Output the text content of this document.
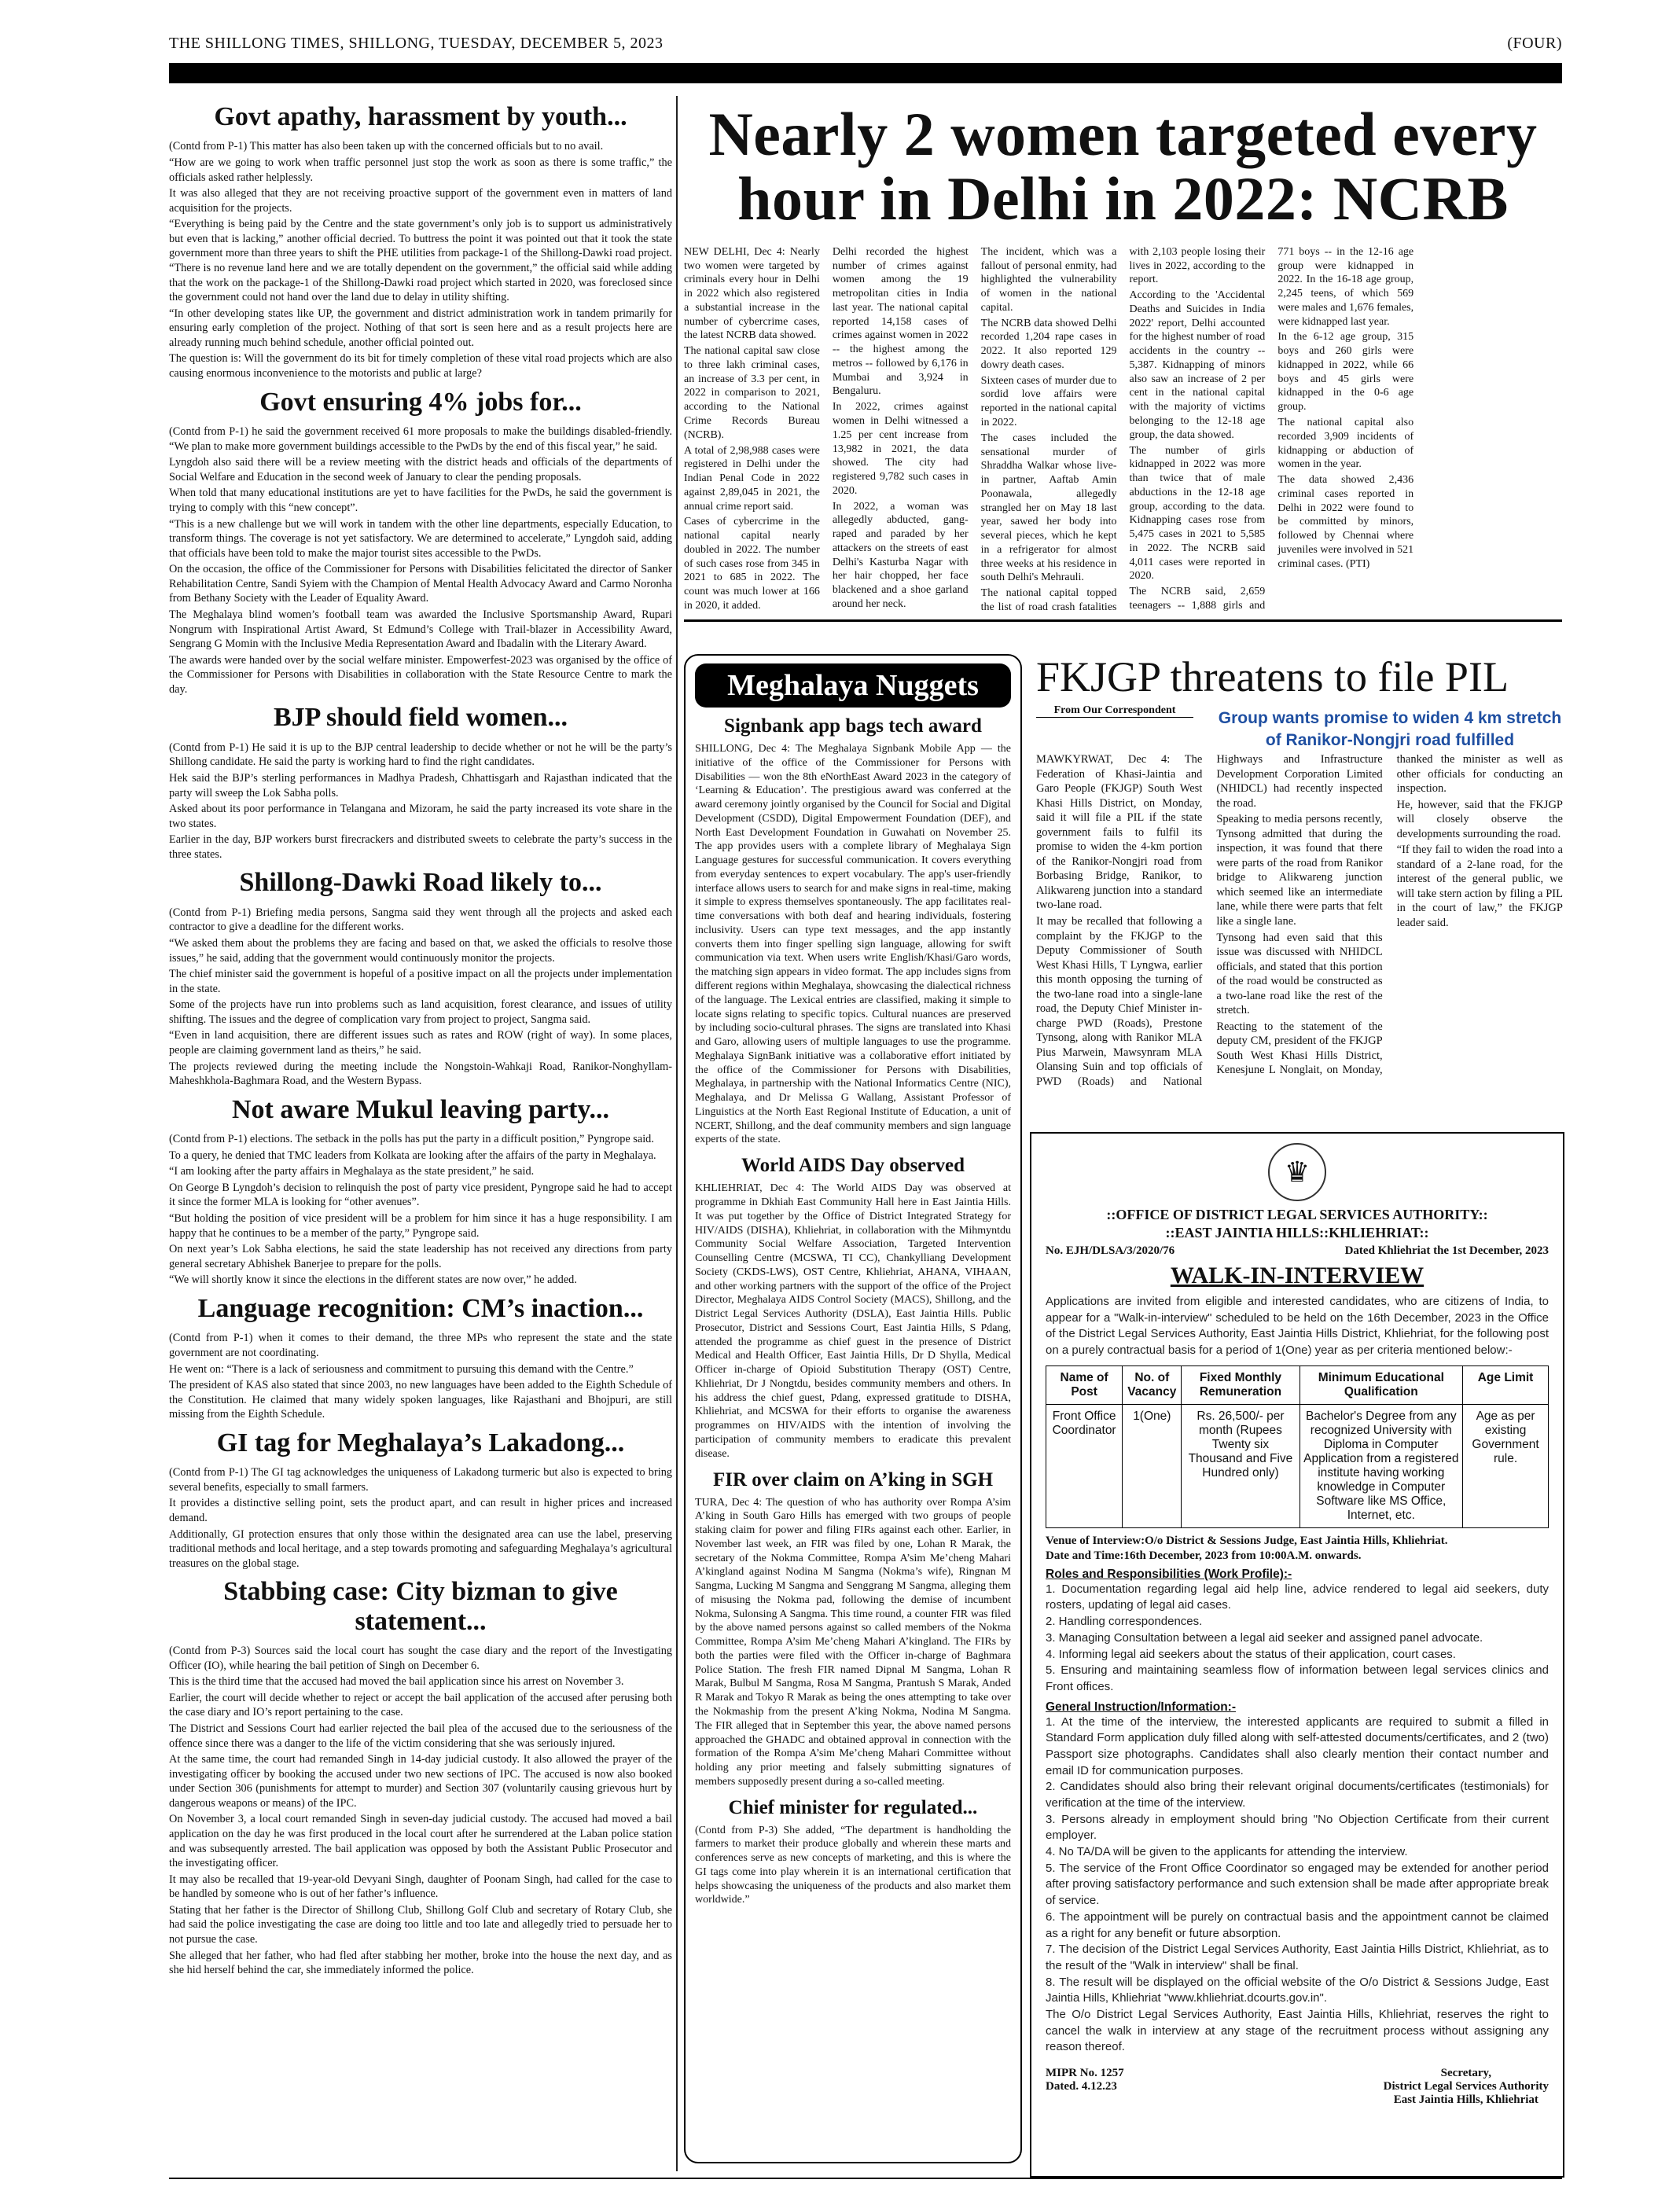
THE SHILLONG TIMES, SHILLONG, TUESDAY, DECEMBER 5, 2023	(FOUR)
Govt apathy, harassment by youth...

(Contd from P-1) This matter has also been taken up with the concerned officials but to no avail.

“How are we going to work when traffic personnel just stop the work as soon as there is some traffic,” the officials asked rather helplessly.

It was also alleged that they are not receiving proactive support of the government even in matters of land acquisition for the projects.

“Everything is being paid by the Centre and the state government’s only job is to support us administratively but even that is lacking,” another official decried. To buttress the point it was pointed out that it took the state government more than three years to shift the PHE utilities from package-1 of the Shillong-Dawki road project. “There is no revenue land here and we are totally dependent on the government,” the official said while adding that the work on the package-1 of the Shillong-Dawki road project which started in 2020, was foreclosed since the government could not hand over the land due to delay in utility shifting.

“In other developing states like UP, the government and district administration work in tandem primarily for ensuring early completion of the project. Nothing of that sort is seen here and as a result projects here are already running much behind schedule, another official pointed out.

The question is: Will the government do its bit for timely completion of these vital road projects which are also causing enormous inconvenience to the motorists and public at large?

Govt ensuring 4% jobs for...

(Contd from P-1) he said the government received 61 more proposals to make the buildings disabled-friendly. “We plan to make more government buildings accessible to the PwDs by the end of this fiscal year,” he said.

Lyngdoh also said there will be a review meeting with the district heads and officials of the departments of Social Welfare and Education in the second week of January to clear the pending proposals.

When told that many educational institutions are yet to have facilities for the PwDs, he said the government is trying to comply with this “new concept”.

“This is a new challenge but we will work in tandem with the other line departments, especially Education, to transform things. The coverage is not yet satisfactory. We are determined to accelerate,” Lyngdoh said, adding that officials have been told to make the major tourist sites accessible to the PwDs.

On the occasion, the office of the Commissioner for Persons with Disabilities felicitated the director of Sanker Rehabilitation Centre, Sandi Syiem with the Champion of Mental Health Advocacy Award and Carmo Noronha from Bethany Society with the Leader of Equality Award.

The Meghalaya blind women’s football team was awarded the Inclusive Sportsmanship Award, Rupari Nongrum with Inspirational Artist Award, St Edmund’s College with Trail-blazer in Accessibility Award, Sengrang G Momin with the Inclusive Media Representation Award and Ibadalin with the Literary Award.

The awards were handed over by the social welfare minister. Empowerfest-2023 was organised by the office of the Commissioner for Persons with Disabilities in collaboration with the State Resource Centre to mark the day.

BJP should field women...

(Contd from P-1) He said it is up to the BJP central leadership to decide whether or not he will be the party’s Shillong candidate. He said the party is working hard to find the right candidates.

Hek said the BJP’s sterling performances in Madhya Pradesh, Chhattisgarh and Rajasthan indicated that the party will sweep the Lok Sabha polls.

Asked about its poor performance in Telangana and Mizoram, he said the party increased its vote share in the two states.

Earlier in the day, BJP workers burst firecrackers and distributed sweets to celebrate the party’s success in the three states.

Shillong-Dawki Road likely to...

(Contd from P-1) Briefing media persons, Sangma said they went through all the projects and asked each contractor to give a deadline for the different works.

“We asked them about the problems they are facing and based on that, we asked the officials to resolve those issues,” he said, adding that the government would continuously monitor the projects.

The chief minister said the government is hopeful of a positive impact on all the projects under implementation in the state.

Some of the projects have run into problems such as land acquisition, forest clearance, and issues of utility shifting. The issues and the degree of complication vary from project to project, Sangma said.

“Even in land acquisition, there are different issues such as rates and ROW (right of way). In some places, people are claiming government land as theirs,” he said.

The projects reviewed during the meeting include the Nongstoin-Wahkaji Road, Ranikor-Nonghyllam-Maheshkhola-Baghmara Road, and the Western Bypass.

Not aware Mukul leaving party...

(Contd from P-1) elections. The setback in the polls has put the party in a difficult position,” Pyngrope said.

To a query, he denied that TMC leaders from Kolkata are looking after the affairs of the party in Meghalaya.

“I am looking after the party affairs in Meghalaya as the state president,” he said.

On George B Lyngdoh’s decision to relinquish the post of party vice president, Pyngrope said he had to accept it since the former MLA is looking for “other avenues”.

“But holding the position of vice president will be a problem for him since it has a huge responsibility. I am happy that he continues to be a member of the party,” Pyngrope said.

On next year’s Lok Sabha elections, he said the state leadership has not received any directions from party general secretary Abhishek Banerjee to prepare for the polls.

“We will shortly know it since the elections in the different states are now over,” he added.

Language recognition: CM’s inaction...

(Contd from P-1) when it comes to their demand, the three MPs who represent the state and the state government are not coordinating.

He went on: “There is a lack of seriousness and commitment to pursuing this demand with the Centre.”

The president of KAS also stated that since 2003, no new languages have been added to the Eighth Schedule of the Constitution. He claimed that many widely spoken languages, like Rajasthani and Bhojpuri, are still missing from the Eighth Schedule.

GI tag for Meghalaya’s Lakadong...

(Contd from P-1) The GI tag acknowledges the uniqueness of Lakadong turmeric but also is expected to bring several benefits, especially to small farmers.

It provides a distinctive selling point, sets the product apart, and can result in higher prices and increased demand.

Additionally, GI protection ensures that only those within the designated area can use the label, preserving traditional methods and local heritage, and a step towards promoting and safeguarding Meghalaya’s agricultural treasures on the global stage.

Stabbing case: City bizman to give statement...

(Contd from P-3) Sources said the local court has sought the case diary and the report of the Investigating Officer (IO), while hearing the bail petition of Singh on December 6.

This is the third time that the accused had moved the bail application since his arrest on November 3.

Earlier, the court will decide whether to reject or accept the bail application of the accused after perusing both the case diary and IO’s report pertaining to the case.

The District and Sessions Court had earlier rejected the bail plea of the accused due to the seriousness of the offence since there was a danger to the life of the victim considering that she was seriously injured.

At the same time, the court had remanded Singh in 14-day judicial custody. It also allowed the prayer of the investigating officer by booking the accused under two new sections of IPC. The accused is now also booked under Section 306 (punishments for attempt to murder) and Section 307 (voluntarily causing grievous hurt by dangerous weapons or means) of the IPC.

On November 3, a local court remanded Singh in seven-day judicial custody. The accused had moved a bail application on the day he was first produced in the local court after he surrendered at the Laban police station and was subsequently arrested. The bail application was opposed by both the Assistant Public Prosecutor and the investigating officer.

It may also be recalled that 19-year-old Devyani Singh, daughter of Poonam Singh, had called for the case to be handled by someone who is out of her father’s influence.

Stating that her father is the Director of Shillong Club, Shillong Golf Club and secretary of Rotary Club, she had said the police investigating the case are doing too little and too late and allegedly tried to persuade her to not pursue the case.

She alleged that her father, who had fled after stabbing her mother, broke into the house the next day, and as she hid herself behind the car, she immediately informed the police.

Nearly 2 women targeted every hour in Delhi in 2022: NCRB

NEW DELHI, Dec 4: Nearly two women were targeted by criminals every hour in Delhi in 2022 which also registered a substantial increase in the number of cybercrime cases, the latest NCRB data showed.

The national capital saw close to three lakh criminal cases, an increase of 3.3 per cent, in 2022 in comparison to 2021, according to the National Crime Records Bureau (NCRB).

A total of 2,98,988 cases were registered in Delhi under the Indian Penal Code in 2022 against 2,89,045 in 2021, the annual crime report said.

Cases of cybercrime in the national capital nearly doubled in 2022. The number of such cases rose from 345 in 2021 to 685 in 2022. The count was much lower at 166 in 2020, it added.

Delhi recorded the highest number of crimes against women among the 19 metropolitan cities in India last year. The national capital reported 14,158 cases of crimes against women in 2022 -- the highest among the metros -- followed by 6,176 in Mumbai and 3,924 in Bengaluru.

In 2022, crimes against women in Delhi witnessed a 1.25 per cent increase from 13,982 in 2021, the data showed. The city had registered 9,782 such cases in 2020.

In 2022, a woman was allegedly abducted, gang-raped and paraded by her attackers on the streets of east Delhi's Kasturba Nagar with her hair chopped, her face blackened and a shoe garland around her neck.

The incident, which was a fallout of personal enmity, had highlighted the vulnerability of women in the national capital.

The NCRB data showed Delhi recorded 1,204 rape cases in 2022. It also reported 129 dowry death cases.

Sixteen cases of murder due to sordid love affairs were reported in the national capital in 2022.

The cases included the sensational murder of Shraddha Walkar whose live-in partner, Aaftab Amin Poonawala, allegedly strangled her on May 18 last year, sawed her body into several pieces, which he kept in a refrigerator for almost three weeks at his residence in south Delhi's Mehrauli.

The national capital topped the list of road crash fatalities with 2,103 people losing their lives in 2022, according to the report.

According to the 'Accidental Deaths and Suicides in India 2022' report, Delhi accounted for the highest number of road accidents in the country -- 5,387. Kidnapping of minors also saw an increase of 2 per cent in the national capital with the majority of victims belonging to the 12-18 age group, the data showed.

The number of girls kidnapped in 2022 was more than twice that of male abductions in the 12-18 age group, according to the data. Kidnapping cases rose from 5,475 cases in 2021 to 5,585 in 2022. The NCRB said 4,011 cases were reported in 2020.

The NCRB said, 2,659 teenagers -- 1,888 girls and 771 boys -- in the 12-16 age group were kidnapped in 2022. In the 16-18 age group, 2,245 teens, of which 569 were males and 1,676 females, were kidnapped last year.

In the 6-12 age group, 315 boys and 260 girls were kidnapped in 2022, while 66 boys and 45 girls were kidnapped in the 0-6 age group.

The national capital also recorded 3,909 incidents of kidnapping or abduction of women in the year.

The data showed 2,436 criminal cases reported in Delhi in 2022 were found to be committed by minors, followed by Chennai where juveniles were involved in 521 criminal cases. (PTI)

Meghalaya Nuggets
Signbank app bags tech award

SHILLONG, Dec 4: The Meghalaya Signbank Mobile App — the initiative of the office of the Commissioner for Persons with Disabilities — won the 8th eNorthEast Award 2023 in the category of ‘Learning & Education’. The prestigious award was conferred at the award ceremony jointly organised by the Council for Social and Digital Development (CSDD), Digital Empowerment Foundation (DEF), and North East Development Foundation in Guwahati on November 25. The app provides users with a complete library of Meghalaya Sign Language gestures for successful communication. It covers everything from everyday sentences to expert vocabulary. The app's user-friendly interface allows users to search for and make signs in real-time, making it simple to express themselves spontaneously. The app facilitates real-time conversations with both deaf and hearing individuals, fostering inclusivity. Users can type text messages, and the app instantly converts them into finger spelling sign language, allowing for swift communication via text. When users write English/Khasi/Garo words, the matching sign appears in video format. The app includes signs from different regions within Meghalaya, showcasing the dialectical richness of the language. The Lexical entries are classified, making it simple to locate signs relating to specific topics. Cultural nuances are preserved by including socio-cultural phrases. The signs are translated into Khasi and Garo, allowing users of multiple languages to use the programme. Meghalaya SignBank initiative was a collaborative effort initiated by the office of the Commissioner for Persons with Disabilities, Meghalaya, in partnership with the National Informatics Centre (NIC), Meghalaya, and Dr Melissa G Wallang, Assistant Professor of Linguistics at the North East Regional Institute of Education, a unit of NCERT, Shillong, and the deaf community members and sign language experts of the state.

World AIDS Day observed

KHLIEHRIAT, Dec 4: The World AIDS Day was observed at programme in Dkhiah East Community Hall here in East Jaintia Hills. It was put together by the Office of District Integrated Strategy for HIV/AIDS (DISHA), Khliehriat, in collaboration with the Mihmyntdu Community Social Welfare Association, Targeted Intervention Counselling Centre (MCSWA, TI CC), Chankylliang Development Society (CKDS-LWS), OST Centre, Khliehriat, AHANA, VIHAAN, and other working partners with the support of the office of the Project Director, Meghalaya AIDS Control Society (MACS), Shillong, and the District Legal Services Authority (DSLA), East Jaintia Hills. Public Prosecutor, District and Sessions Court, East Jaintia Hills, S Pdang, attended the programme as chief guest in the presence of District Medical and Health Officer, East Jaintia Hills, Dr D Shylla, Medical Officer in-charge of Opioid Substitution Therapy (OST) Centre, Khliehriat, Dr J Nongtdu, besides community members and others. In his address the chief guest, Pdang, expressed gratitude to DISHA, Khliehriat, and MCSWA for their efforts to organise the awareness programmes on HIV/AIDS with the intention of involving the participation of community members to eradicate this prevalent disease.

FIR over claim on A’king in SGH

TURA, Dec 4: The question of who has authority over Rompa A’sim A’king in South Garo Hills has emerged with two groups of people staking claim for power and filing FIRs against each other. Earlier, in November last week, an FIR was filed by one, Lohan R Marak, the secretary of the Nokma Committee, Rompa A’sim Me’cheng Mahari A’kingland against Nodina M Sangma (Nokma’s wife), Ringnan M Sangma, Lucking M Sangma and Senggrang M Sangma, alleging them of misusing the Nokma pad, following the demise of incumbent Nokma, Sulonsing A Sangma. This time round, a counter FIR was filed by the above named persons against so called members of the Nokma Committee, Rompa A’sim Me’cheng Mahari A’kingland. The FIRs by both the parties were filed with the Officer in-charge of Baghmara Police Station. The fresh FIR named Dipnal M Sangma, Lohan R Marak, Bulbul M Sangma, Rosa M Sangma, Prantush S Marak, Anded R Marak and Tokyo R Marak as being the ones attempting to take over the Nokmaship from the present A’king Nokma, Nodina M Sangma. The FIR alleged that in September this year, the above named persons approached the GHADC and obtained approval in connection with the formation of the Rompa A’sim Me’cheng Mahari Committee without holding any prior meeting and falsely submitting signatures of members supposedly present during a so-called meeting.

Chief minister for regulated...

(Contd from P-3) She added, “The department is handholding the farmers to market their produce globally and wherein these marts and conferences serve as new concepts of marketing, and this is where the GI tags come into play wherein it is an international certification that helps showcasing the uniqueness of the products and also market them worldwide.”

FKJGP threatens to file PIL
From Our Correspondent	Group wants promise to widen 4 km stretch of Ranikor-Nongjri road fulfilled

MAWKYRWAT, Dec 4: The Federation of Khasi-Jaintia and Garo People (FKJGP) South West Khasi Hills District, on Monday, said it will file a PIL if the state government fails to fulfil its promise to widen the 4-km portion of the Ranikor-Nongjri road from Borbasing Bridge, Ranikor, to Alikwareng junction into a standard two-lane road.

It may be recalled that following a complaint by the FKJGP to the Deputy Commissioner of South West Khasi Hills, T Lyngwa, earlier this month opposing the turning of the two-lane road into a single-lane road, the Deputy Chief Minister in-charge PWD (Roads), Prestone Tynsong, along with Ranikor MLA Pius Marwein, Mawsynram MLA Olansing Suin and top officials of PWD (Roads) and National Highways and Infrastructure Development Corporation Limited (NHIDCL) had recently inspected the road.

Speaking to media persons recently, Tynsong admitted that during the inspection, it was found that there were parts of the road from Ranikor bridge to Alikwareng junction which seemed like an intermediate lane, while there were parts that felt like a single lane.

Tynsong had even said that this issue was discussed with NHIDCL officials, and stated that this portion of the road would be constructed as a two-lane road like the rest of the stretch.

Reacting to the statement of the deputy CM, president of the FKJGP South West Khasi Hills District, Kenesjune L Nonglait, on Monday, thanked the minister as well as other officials for conducting an inspection.

He, however, said that the FKJGP will closely observe the developments surrounding the road.

“If they fail to widen the road into a standard of a 2-lane road, for the interest of the general public, we will take stern action by filing a PIL in the court of law,” the FKJGP leader said.

♛
::OFFICE OF DISTRICT LEGAL SERVICES AUTHORITY::
::EAST JAINTIA HILLS::KHLIEHRIAT::
No. EJH/DLSA/3/2020/76	Dated Khliehriat the 1st December, 2023
WALK-IN-INTERVIEW

Applications are invited from eligible and interested candidates, who are citizens of India, to appear for a "Walk-in-interview" scheduled to be held on the 16th December, 2023 in the Office of the District Legal Services Authority, East Jaintia Hills District, Khliehriat, for the following post on a purely contractual basis for a period of 1(One) year as per criteria mentioned below:-

Name of Post	No. of Vacancy	Fixed Monthly Remuneration	Minimum Educational Qualification	Age Limit
Front Office Coordinator	1(One)	Rs. 26,500/- per month (Rupees Twenty six Thousand and Five Hundred only)	Bachelor's Degree from any recognized University with Diploma in Computer Application from a registered institute having working knowledge in Computer Software like MS Office, Internet, etc.	Age as per existing Government rule.
Venue of Interview:O/o District & Sessions Judge, East Jaintia Hills, Khliehriat.
Date and Time:16th December, 2023 from 10:00A.M. onwards.
Roles and Responsibilities (Work Profile):-

1. Documentation regarding legal aid help line, advice rendered to legal aid seekers, duty rosters, updating of legal aid cases.

2. Handling correspondences.

3. Managing Consultation between a legal aid seeker and assigned panel advocate.

4. Informing legal aid seekers about the status of their application, court cases.

5. Ensuring and maintaining seamless flow of information between legal services clinics and Front offices.

General Instruction/Information:-

1. At the time of the interview, the interested applicants are required to submit a filled in Standard Form application duly filled along with self-attested documents/certificates, and 2 (two) Passport size photographs. Candidates shall also clearly mention their contact number and email ID for communication purposes.

2. Candidates should also bring their relevant original documents/certificates (testimonials) for verification at the time of the interview.

3. Persons already in employment should bring "No Objection Certificate from their current employer.

4. No TA/DA will be given to the applicants for attending the interview.

5. The service of the Front Office Coordinator so engaged may be extended for another period after proving satisfactory performance and such extension shall be made after appropriate break of service.

6. The appointment will be purely on contractual basis and the appointment cannot be claimed as a right for any benefit or future absorption.

7. The decision of the District Legal Services Authority, East Jaintia Hills District, Khliehriat, as to the result of the "Walk in interview" shall be final.

8. The result will be displayed on the official website of the O/o District & Sessions Judge, East Jaintia Hills, Khliehriat "www.khliehriat.dcourts.gov.in".

The O/o District Legal Services Authority, East Jaintia Hills, Khliehriat, reserves the right to cancel the walk in interview at any stage of the recruitment process without assigning any reason thereof.

MIPR No. 1257
Dated. 4.12.23
Secretary,
District Legal Services Authority
East Jaintia Hills, Khliehriat
